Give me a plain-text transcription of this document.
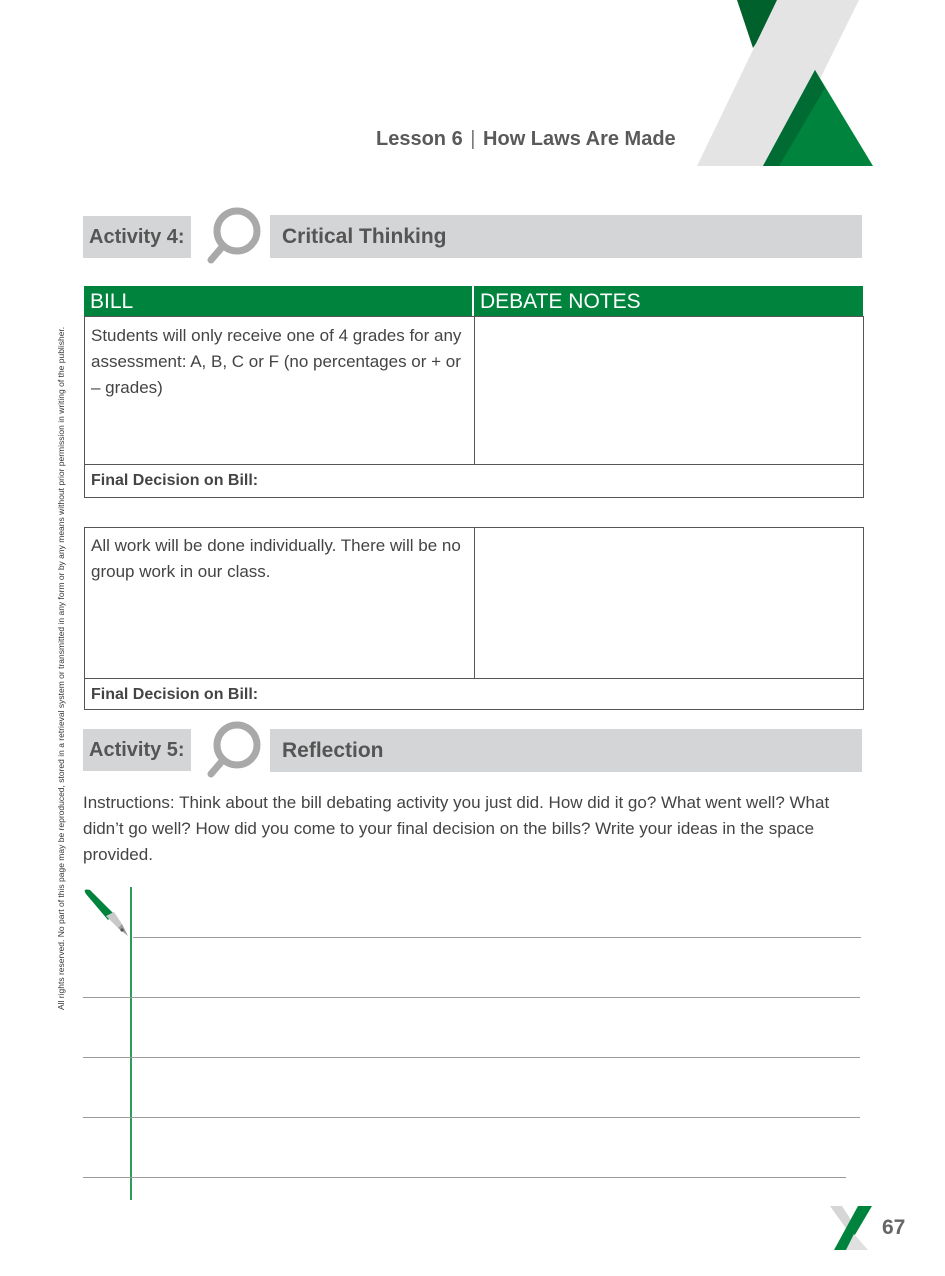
Lesson 6 | How Laws Are Made
Activity 4:	Critical Thinking
BILL	DEBATE NOTES
Students will only receive one of 4 grades for any assessment: A, B, C or F (no percentages or + or – grades)
Final Decision on Bill:
All work will be done individually. There will be no group work in our class.
Final Decision on Bill:
Activity 5:	Reflection
Instructions: Think about the bill debating activity you just did. How did it go? What went well? What didn’t go well? How did you come to your final decision on the bills? Write your ideas in the space provided.
All rights reserved. No part of this page may be reproduced, stored in a retrieval system or transmitted in any form or by any means without prior permission in writing of the publisher.
67
